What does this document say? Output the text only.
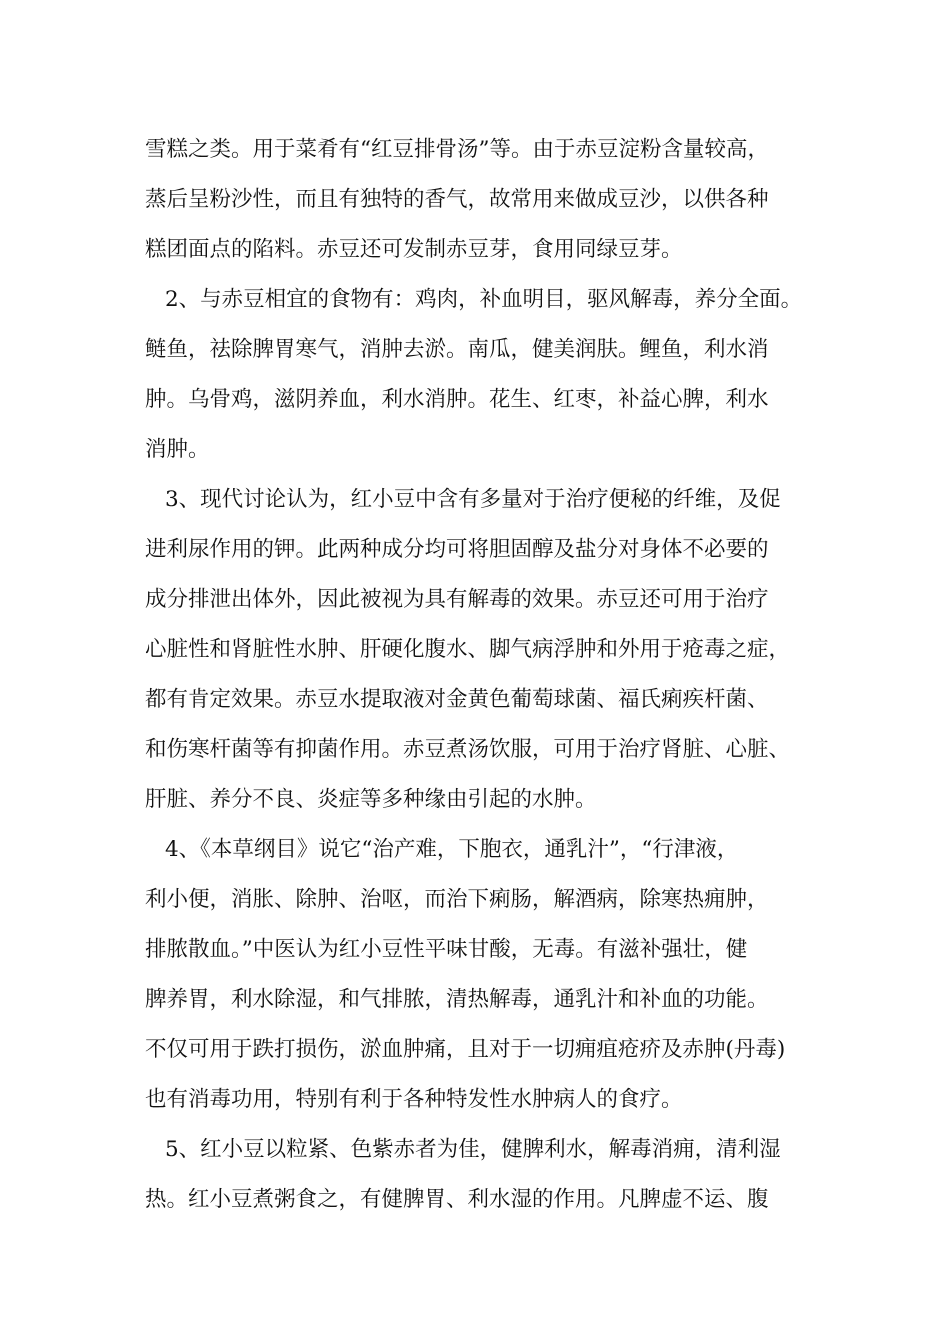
雪糕之类。用于菜肴有“红豆排骨汤”等。由于赤豆淀粉含量较高，
蒸后呈粉沙性，而且有独特的香气，故常用来做成豆沙，以供各种
糕团面点的陷料。赤豆还可发制赤豆芽，食用同绿豆芽。
2、与赤豆相宜的食物有：鸡肉，补血明目，驱风解毒，养分全面。
鲢鱼，祛除脾胃寒气，消肿去淤。南瓜，健美润肤。鲤鱼，利水消
肿。乌骨鸡，滋阴养血，利水消肿。花生、红枣，补益心脾，利水
消肿。
3、现代讨论认为，红小豆中含有多量对于治疗便秘的纤维，及促
进利尿作用的钾。此两种成分均可将胆固醇及盐分对身体不必要的
成分排泄出体外，因此被视为具有解毒的效果。赤豆还可用于治疗
心脏性和肾脏性水肿、肝硬化腹水、脚气病浮肿和外用于疮毒之症，
都有肯定效果。赤豆水提取液对金黄色葡萄球菌、福氏痢疾杆菌、
和伤寒杆菌等有抑菌作用。赤豆煮汤饮服，可用于治疗肾脏、心脏、
肝脏、养分不良、炎症等多种缘由引起的水肿。
4、《本草纲目》说它“治产难，下胞衣，通乳汁”，“行津液，
利小便，消胀、除肿、治呕，而治下痢肠，解酒病，除寒热痈肿，
排脓散血。”中医认为红小豆性平味甘酸，无毒。有滋补强壮，健
脾养胃，利水除湿，和气排脓，清热解毒，通乳汁和补血的功能。
不仅可用于跌打损伤，淤血肿痛，且对于一切痈疽疮疥及赤肿(丹毒)
也有消毒功用，特别有利于各种特发性水肿病人的食疗。
5、红小豆以粒紧、色紫赤者为佳，健脾利水，解毒消痈，清利湿
热。红小豆煮粥食之，有健脾胃、利水湿的作用。凡脾虚不运、腹
